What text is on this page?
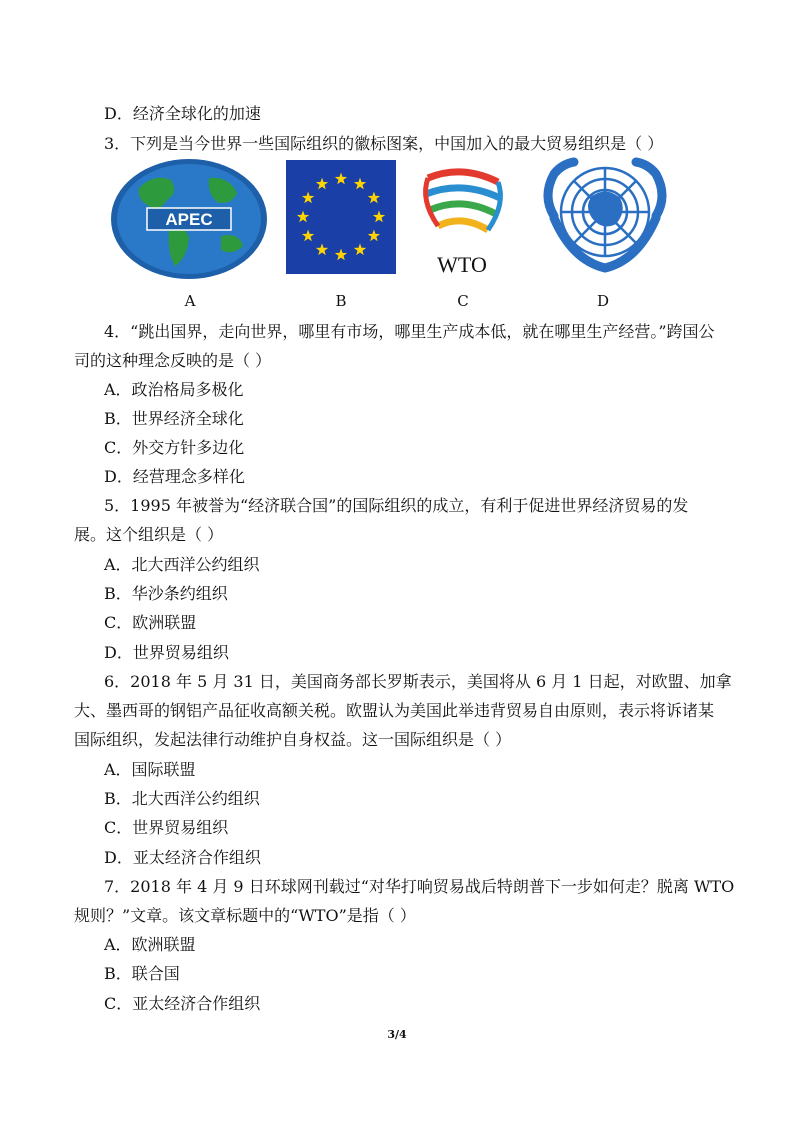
D．经济全球化的加速
3．下列是当今世界一些国际组织的徽标图案，中国加入的最大贸易组织是（ ）
APEC
A	B
WTO
C	D
4．“跳出国界，走向世界，哪里有市场，哪里生产成本低，就在哪里生产经营。”跨国公
司的这种理念反映的是（ ）
A．政治格局多极化
B．世界经济全球化
C．外交方针多边化
D．经营理念多样化
5．1995 年被誉为“经济联合国”的国际组织的成立，有利于促进世界经济贸易的发
展。这个组织是（ ）
A．北大西洋公约组织
B．华沙条约组织
C．欧洲联盟
D．世界贸易组织
6．2018 年 5 月 31 日，美国商务部长罗斯表示，美国将从 6 月 1 日起，对欧盟、加拿
大、墨西哥的钢铝产品征收高额关税。欧盟认为美国此举违背贸易自由原则，表示将诉诸某
国际组织，发起法律行动维护自身权益。这一国际组织是（ ）
A．国际联盟
B．北大西洋公约组织
C．世界贸易组织
D．亚太经济合作组织
7．2018 年 4 月 9 日环球网刊载过“对华打响贸易战后特朗普下一步如何走？脱离 WTO
规则？”文章。该文章标题中的“WTO”是指（ ）
A．欧洲联盟
B．联合国
C．亚太经济合作组织
3/4
